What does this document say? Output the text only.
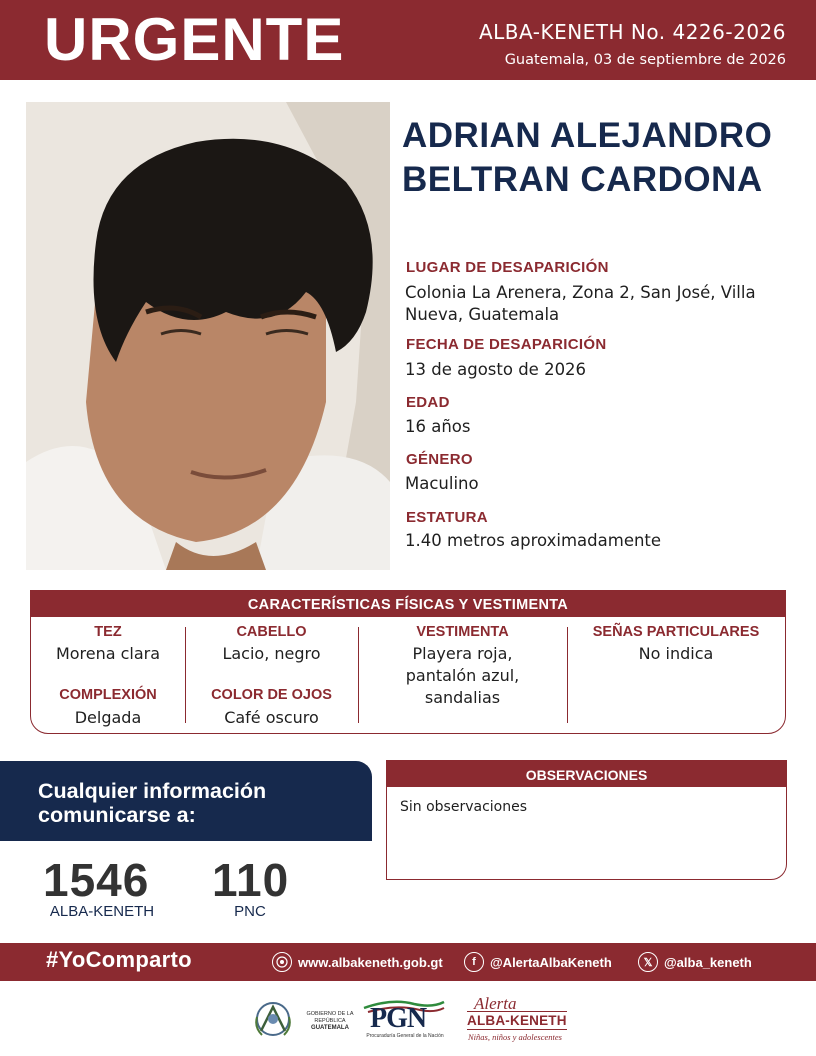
URGENTE	ALBA-KENETH No. 4226-2026
Guatemala, 03 de septiembre de 2026
ADRIAN ALEJANDRO
BELTRAN CARDONA
LUGAR DE DESAPARICIÓN
Colonia La Arenera, Zona 2, San José, Villa Nueva, Guatemala
FECHA DE DESAPARICIÓN
13 de agosto de 2026
EDAD
16 años
GÉNERO
Maculino
ESTATURA
1.40 metros aproximadamente
CARACTERÍSTICAS FÍSICAS Y VESTIMENTA
TEZ
Morena clara
COMPLEXIÓN
Delgada
CABELLO
Lacio, negro
COLOR DE OJOS
Café oscuro
VESTIMENTA
Playera roja,
pantalón azul,
sandalias
SEÑAS PARTICULARES
No indica
Cualquier información
comunicarse a:
1546
ALBA-KENETH
110
PNC
OBSERVACIONES
Sin observaciones
#YoComparto	www.albakeneth.gob.gt	f	@AlertaAlbaKeneth	𝕏 @alba_keneth
GOBIERNO DE LA REPÚBLICA
GUATEMALA PGN
Procuraduría General de la Nación
Alerta
ALBA-KENETH
Niñas, niños y adolescentes
